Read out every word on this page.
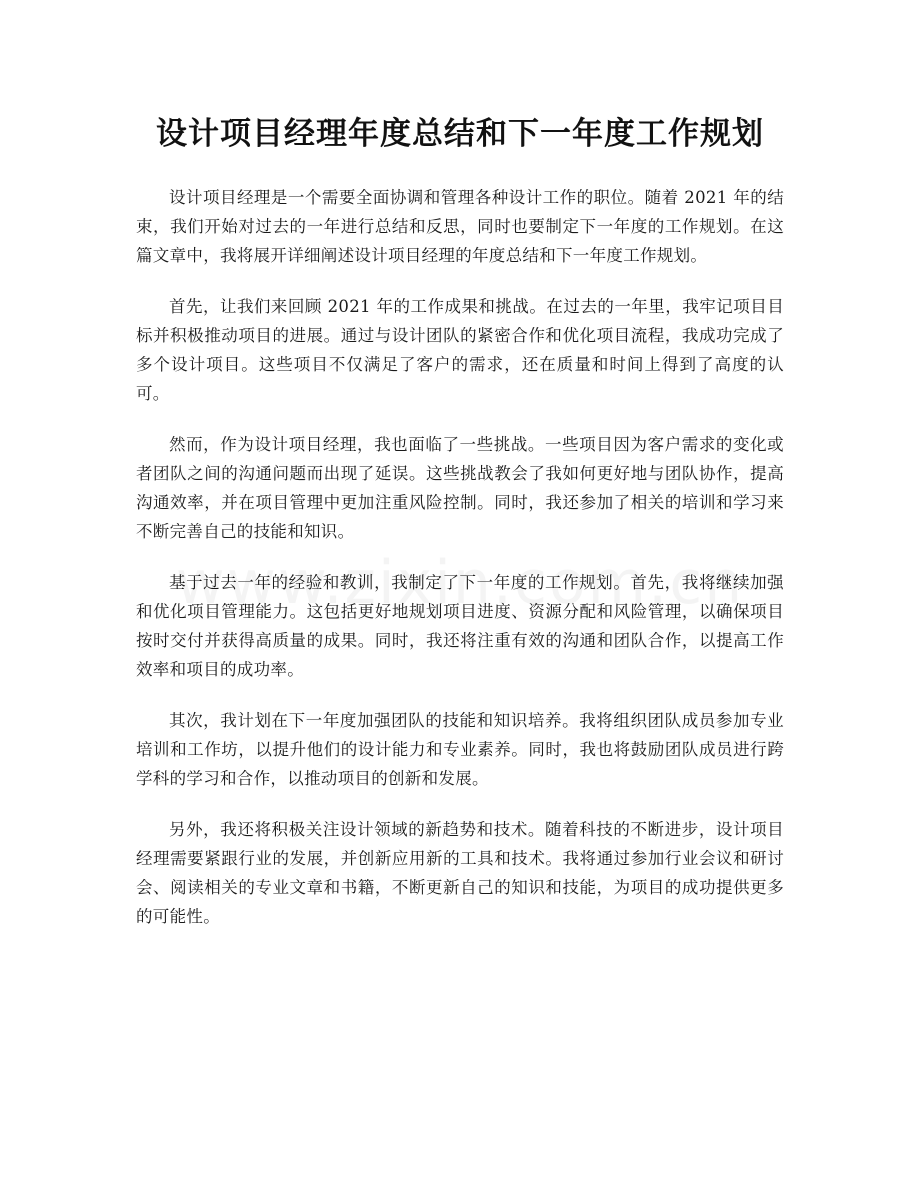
设计项目经理年度总结和下一年度工作规划

设计项目经理是一个需要全面协调和管理各种设计工作的职位。随着 2021 年的结束，我们开始对过去的一年进行总结和反思，同时也要制定下一年度的工作规划。在这篇文章中，我将展开详细阐述设计项目经理的年度总结和下一年度工作规划。

首先，让我们来回顾 2021 年的工作成果和挑战。在过去的一年里，我牢记项目目标并积极推动项目的进展。通过与设计团队的紧密合作和优化项目流程，我成功完成了多个设计项目。这些项目不仅满足了客户的需求，还在质量和时间上得到了高度的认可。

然而，作为设计项目经理，我也面临了一些挑战。一些项目因为客户需求的变化或者团队之间的沟通问题而出现了延误。这些挑战教会了我如何更好地与团队协作，提高沟通效率，并在项目管理中更加注重风险控制。同时，我还参加了相关的培训和学习来不断完善自己的技能和知识。

基于过去一年的经验和教训，我制定了下一年度的工作规划。首先，我将继续加强和优化项目管理能力。这包括更好地规划项目进度、资源分配和风险管理，以确保项目按时交付并获得高质量的成果。同时，我还将注重有效的沟通和团队合作，以提高工作效率和项目的成功率。

其次，我计划在下一年度加强团队的技能和知识培养。我将组织团队成员参加专业培训和工作坊，以提升他们的设计能力和专业素养。同时，我也将鼓励团队成员进行跨学科的学习和合作，以推动项目的创新和发展。

另外，我还将积极关注设计领域的新趋势和技术。随着科技的不断进步，设计项目经理需要紧跟行业的发展，并创新应用新的工具和技术。我将通过参加行业会议和研讨会、阅读相关的专业文章和书籍，不断更新自己的知识和技能，为项目的成功提供更多的可能性。
